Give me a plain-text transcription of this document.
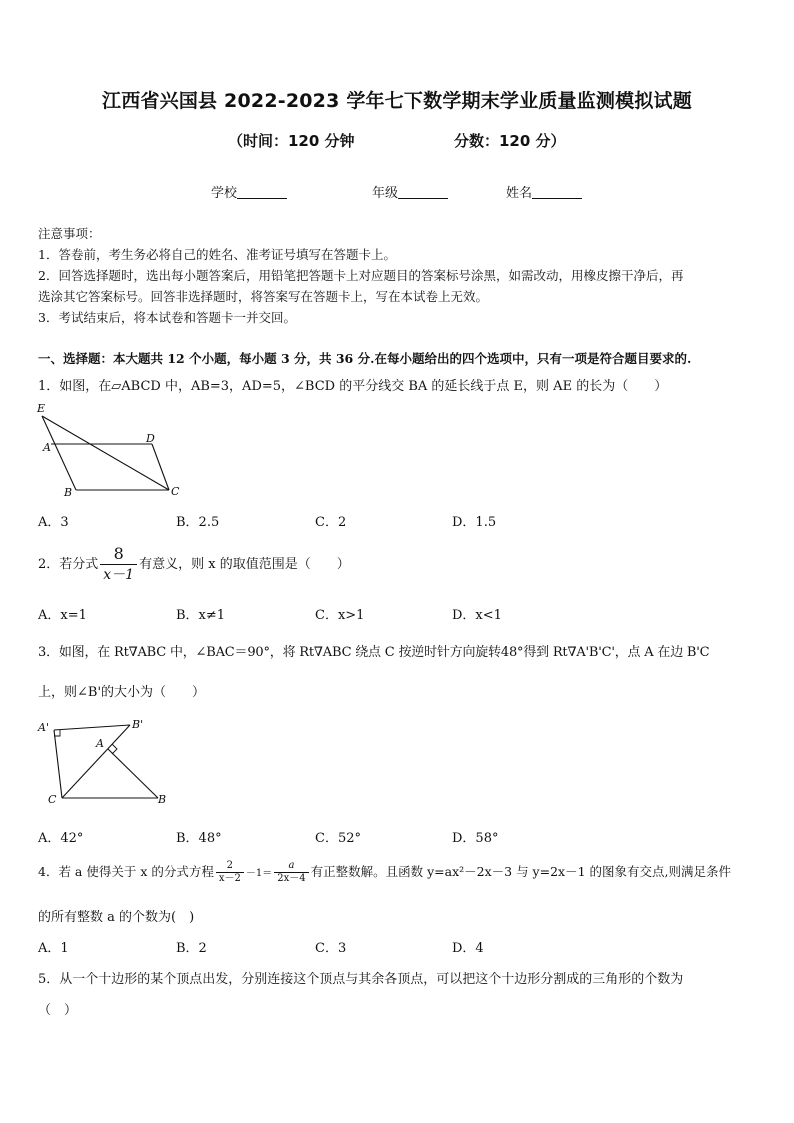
江西省兴国县 2022-2023 学年七下数学期末学业质量监测模拟试题
（时间：120 分钟	分数：120 分）
学校	年级	姓名
注意事项：
1．答卷前，考生务必将自己的姓名、准考证号填写在答题卡上。
2．回答选择题时，选出每小题答案后，用铅笔把答题卡上对应题目的答案标号涂黑，如需改动，用橡皮擦干净后，再
选涂其它答案标号。回答非选择题时，将答案写在答题卡上，写在本试卷上无效。
3．考试结束后，将本试卷和答题卡一并交回。
一、选择题：本大题共 12 个小题，每小题 3 分，共 36 分.在每小题给出的四个选项中，只有一项是符合题目要求的.
1．如图，在▱ABCD 中，AB=3，AD=5，∠BCD 的平分线交 BA 的延长线于点 E，则 AE 的长为（　　）
E
A
D
B	C
A．3	B．2.5	C．2	D．1.5
2．若分式 $\frac{8}{x-1}$ 有意义，则 x 的取值范围是（　　）
A．x=1	B．x≠1	C．x>1	D．x<1
3．如图，在 Rt∇ABC 中，∠BAC＝90°，将 Rt∇ABC 绕点 C 按逆时针方向旋转48°得到 Rt∇A'B'C'，点 A 在边 B'C
上，则∠B'的大小为（　　）
A'	B'
A
C	B
A．42°	B．48°	C．52°	D．58°
4．若 a 使得关于 x 的分式方程 $\frac{2}{x-2} -1= \frac{a}{2x-4}$ 有正整数解。且函数 y=ax²－2x－3 与 y=2x－1 的图象有交点,则满足条件
的所有整数 a 的个数为(　)
A．1	B．2	C．3	D．4
5．从一个十边形的某个顶点出发，分别连接这个顶点与其余各顶点，可以把这个十边形分割成的三角形的个数为
（　）
